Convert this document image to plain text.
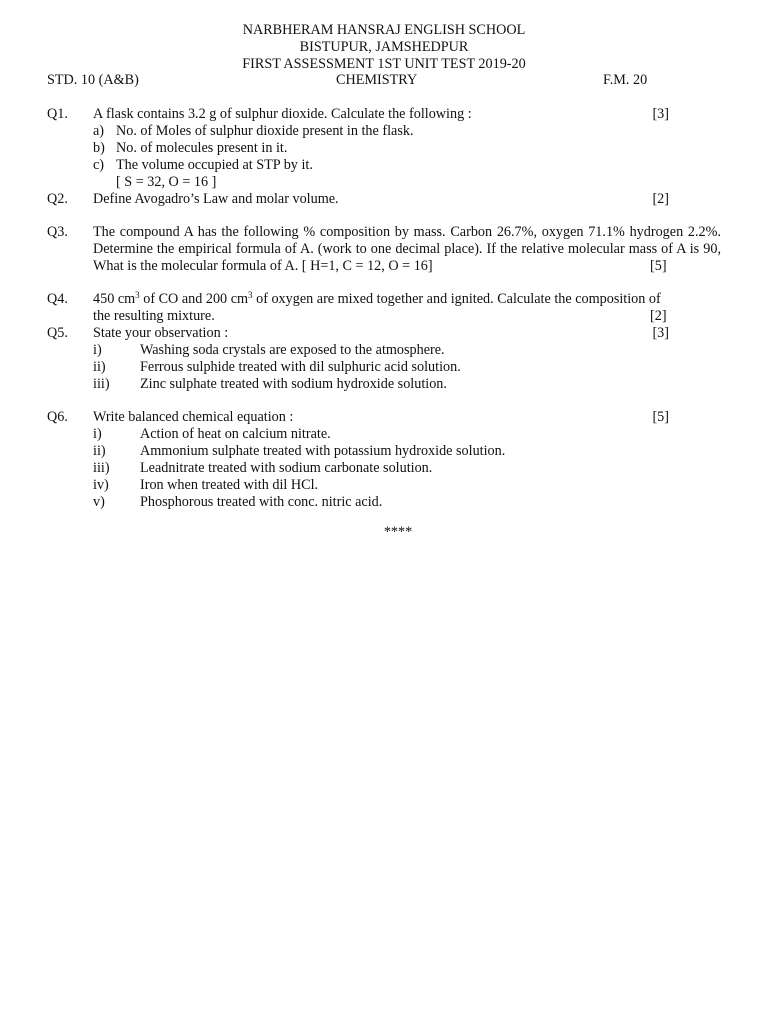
NARBHERAM HANSRAJ ENGLISH SCHOOL
BISTUPUR, JAMSHEDPUR
FIRST ASSESSMENT 1ST UNIT TEST 2019-20
STD. 10 (A&B)	CHEMISTRY	F.M. 20
Q1. A flask contains 3.2 g of sulphur dioxide. Calculate the following :	[3]
a) No. of Moles of sulphur dioxide present in the flask.
b) No. of molecules present in it.
c) The volume occupied at STP by it.
[ S = 32, O = 16 ]
Q2. Define Avogadro’s Law and molar volume.	[2]
Q3. The compound A has the following % composition by mass. Carbon 26.7%, oxygen 71.1% hydrogen 2.2%. Determine the empirical formula of A. (work to one decimal place). If the relative molecular mass of A is 90, What is the molecular formula of A. [ H=1, C = 12, O = 16]	[5]
Q4. 450 $cm^3$ of CO and 200 $cm^3$ of oxygen are mixed together and ignited. Calculate the composition of
the resulting mixture.	[2]
Q5. State your observation :	[3]
i)	Washing soda crystals are exposed to the atmosphere.
ii) Ferrous sulphide treated with dil sulphuric acid solution.
iii) Zinc sulphate treated with sodium hydroxide solution.
Q6. Write balanced chemical equation :	[5]
i)	Action of heat on calcium nitrate.
ii) Ammonium sulphate treated with potassium hydroxide solution.
iii) Leadnitrate treated with sodium carbonate solution.
iv) Iron when treated with dil HCl.
v) Phosphorous treated with conc. nitric acid.
****
